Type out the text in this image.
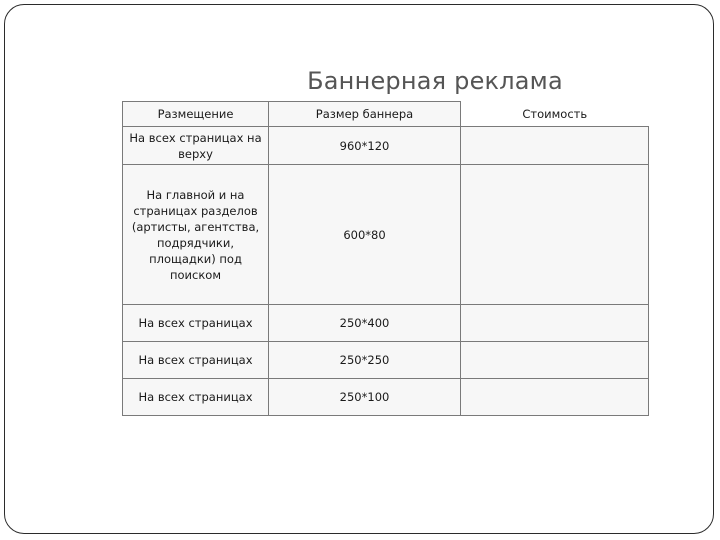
Баннерная реклама
Размещение	Размер баннера	Стоимость
На всех страницах на верху	960*120	
На главной и на страницах разделов (артисты, агентства, подрядчики, площадки) под поиском	600*80	
На всех страницах	250*400	
На всех страницах	250*250	
На всех страницах	250*100	
